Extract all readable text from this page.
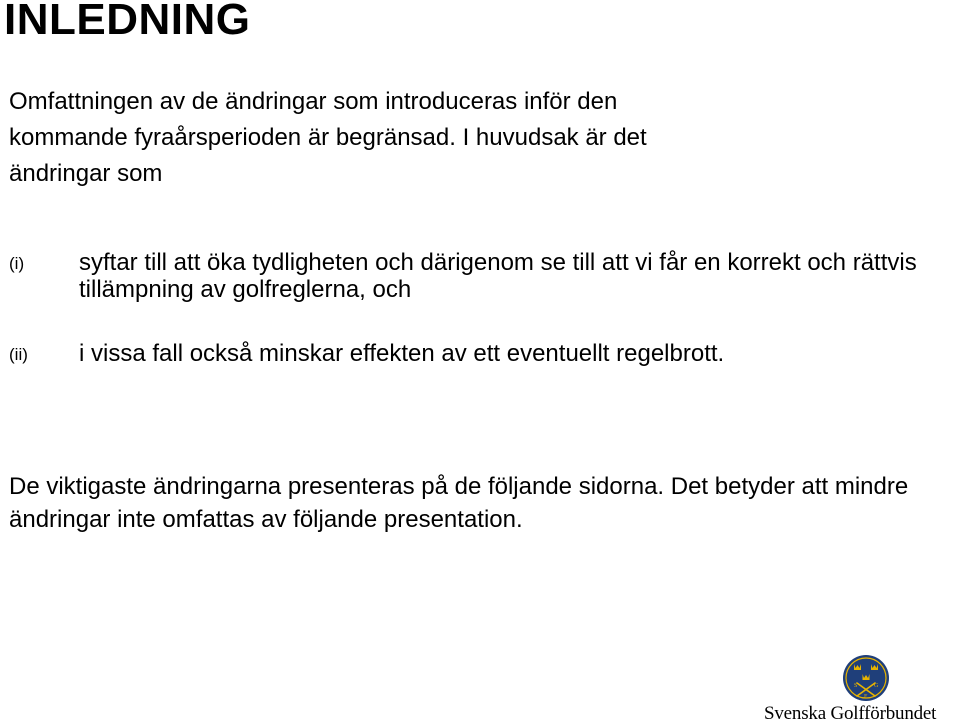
INLEDNING
Omfattningen av de ändringar som introduceras inför den kommande fyraårsperioden är begränsad. I huvudsak är det ändringar som
(i) syftar till att öka tydligheten och därigenom se till att vi får en korrekt och rättvis tillämpning av golfreglerna, och
(ii) i vissa fall också minskar effekten av ett eventuellt regelbrott.
De viktigaste ändringarna presenteras på de följande sidorna. Det betyder att mindre ändringar inte omfattas av följande presentation.
S	G
F
Svenska Golfförbundet
